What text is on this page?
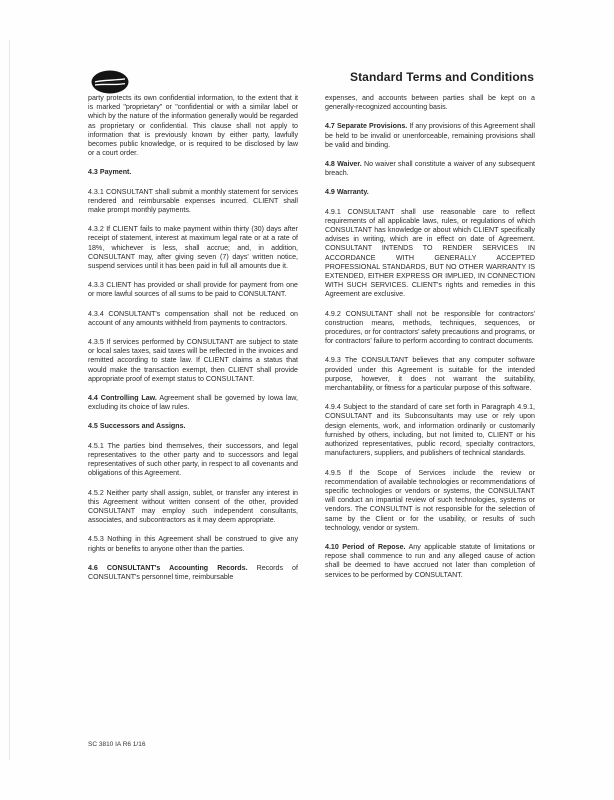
Standard Terms and Conditions

party protects its own confidential information, to the extent that it is marked "proprietary" or "confidential or with a similar label or which by the nature of the information generally would be regarded as proprietary or confidential. This clause shall not apply to information that is previously known by either party, lawfully becomes public knowledge, or is required to be disclosed by law or a court order.

4.3 Payment.

4.3.1 CONSULTANT shall submit a monthly statement for services rendered and reimbursable expenses incurred. CLIENT shall make prompt monthly payments.

4.3.2 If CLIENT fails to make payment within thirty (30) days after receipt of statement, interest at maximum legal rate or at a rate of 18%, whichever is less, shall accrue; and, in addition, CONSULTANT may, after giving seven (7) days' written notice, suspend services until it has been paid in full all amounts due it.

4.3.3 CLIENT has provided or shall provide for payment from one or more lawful sources of all sums to be paid to CONSULTANT.

4.3.4 CONSULTANT's compensation shall not be reduced on account of any amounts withheld from payments to contractors.

4.3.5 If services performed by CONSULTANT are subject to state or local sales taxes, said taxes will be reflected in the invoices and remitted according to state law. If CLIENT claims a status that would make the transaction exempt, then CLIENT shall provide appropriate proof of exempt status to CONSULTANT.

4.4 Controlling Law. Agreement shall be governed by Iowa law, excluding its choice of law rules.

4.5 Successors and Assigns.

4.5.1 The parties bind themselves, their successors, and legal representatives to the other party and to successors and legal representatives of such other party, in respect to all covenants and obligations of this Agreement.

4.5.2 Neither party shall assign, sublet, or transfer any interest in this Agreement without written consent of the other, provided CONSULTANT may employ such independent consultants, associates, and subcontractors as it may deem appropriate.

4.5.3 Nothing in this Agreement shall be construed to give any rights or benefits to anyone other than the parties.

4.6 CONSULTANT's Accounting Records. Records of CONSULTANT's personnel time, reimbursable

expenses, and accounts between parties shall be kept on a generally-recognized accounting basis.

4.7 Separate Provisions. If any provisions of this Agreement shall be held to be invalid or unenforceable, remaining provisions shall be valid and binding.

4.8 Waiver. No waiver shall constitute a waiver of any subsequent breach.

4.9 Warranty.

4.9.1 CONSULTANT shall use reasonable care to reflect requirements of all applicable laws, rules, or regulations of which CONSULTANT has knowledge or about which CLIENT specifically advises in writing, which are in effect on date of Agreement. CONSULTANT INTENDS TO RENDER SERVICES IN ACCORDANCE WITH GENERALLY ACCEPTED PROFESSIONAL STANDARDS, BUT NO OTHER WARRANTY IS EXTENDED, EITHER EXPRESS OR IMPLIED, IN CONNECTION WITH SUCH SERVICES. CLIENT's rights and remedies in this Agreement are exclusive.

4.9.2 CONSULTANT shall not be responsible for contractors' construction means, methods, techniques, sequences, or procedures, or for contractors' safety precautions and programs, or for contractors' failure to perform according to contract documents.

4.9.3 The CONSULTANT believes that any computer software provided under this Agreement is suitable for the intended purpose, however, it does not warrant the suitability, merchantability, or fitness for a particular purpose of this software.

4.9.4 Subject to the standard of care set forth in Paragraph 4.9.1, CONSULTANT and its Subconsultants may use or rely upon design elements, work, and information ordinarily or customarily furnished by others, including, but not limited to, CLIENT or his authorized representatives, public record, specialty contractors, manufacturers, suppliers, and publishers of technical standards.

4.9.5 If the Scope of Services include the review or recommendation of available technologies or recommendations of specific technologies or vendors or systems, the CONSULTANT will conduct an impartial review of such technologies, systems or vendors. The CONSULTNT is not responsible for the selection of same by the Client or for the usability, or results of such technology, vendor or system.

4.10 Period of Repose. Any applicable statute of limitations or repose shall commence to run and any alleged cause of action shall be deemed to have accrued not later than completion of services to be performed by CONSULTANT.

SC 3810 IA R6 1/16
